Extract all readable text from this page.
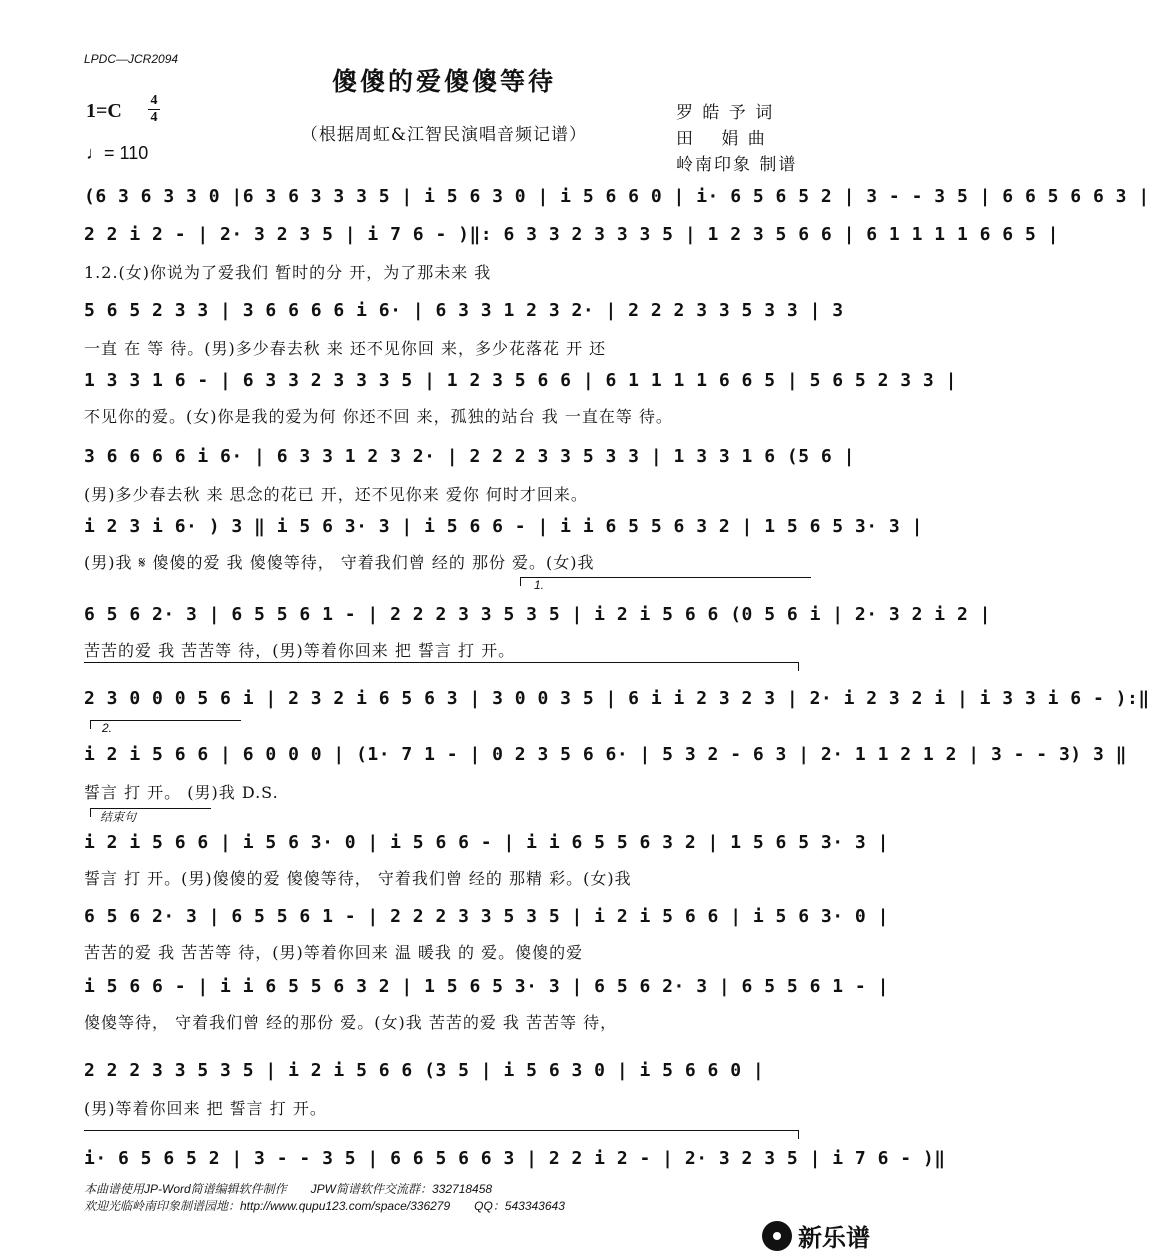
LPDC—JCR2094
傻傻的爱傻傻等待
（根据周虹&江智民演唱音频记谱）
1=C 4
4
♩= 110
罗 皓 予 词
田　 娟 曲
岭南印象 制谱
(6 3 6 3 3 0 |6 3 6 3 3 3 5 | i 5 6 3 0 | i 5 6 6 0 | i· 6 5 6 5 2 | 3 - - 3 5 | 6 6 5 6 6 3 |
2 2 i 2 - | 2· 3 2 3 5 | i 7 6 - )‖: 6 3 3 2 3 3 3 5 | 1 2 3 5 6 6 | 6 1 1 1 1 6 6 5 |
1.2.(女)你说为了爱我们 暂时的分 开，为了那未来 我
5 6 5 2 3 3 | 3 6 6 6 6 i 6· | 6 3 3 1 2 3 2· | 2 2 2 3 3 5 3 3 | 3
一直 在 等 待。(男)多少春去秋 来 还不见你回 来，多少花落花 开 还
1 3 3 1 6 - | 6 3 3 2 3 3 3 5 | 1 2 3 5 6 6 | 6 1 1 1 1 6 6 5 | 5 6 5 2 3 3 |
不见你的爱。(女)你是我的爱为何 你还不回 来，孤独的站台 我 一直在等 待。
3 6 6 6 6 i 6· | 6 3 3 1 2 3 2· | 2 2 2 3 3 5 3 3 | 1 3 3 1 6 (5 6 |
(男)多少春去秋 来 思念的花已 开，还不见你来 爱你 何时才回来。
i 2 3 i 6· ) 3 ‖ i 5 6 3· 3 | i 5 6 6 - | i i 6 5 5 6 3 2 | 1 5 6 5 3· 3 |
(男)我 𝄋 傻傻的爱 我 傻傻等待， 守着我们曾 经的 那份 爱。(女)我
1.
6 5 6 2· 3 | 6 5 5 6 1 - | 2 2 2 3 3 5 3 5 | i 2 i 5 6 6 (0 5 6 i | 2· 3 2 i 2 |
苦苦的爱 我 苦苦等 待，(男)等着你回来 把 誓言 打 开。
2 3 0 0 0 5 6 i | 2 3 2 i 6 5 6 3 | 3 0 0 3 5 | 6 i i 2 3 2 3 | 2· i 2 3 2 i | i 3 3 i 6 - ):‖
2.
i 2 i 5 6 6 | 6 0 0 0 | (1· 7 1 - | 0 2 3 5 6 6· | 5 3 2 - 6 3 | 2· 1 1 2 1 2 | 3 - - 3) 3 ‖
誓言 打 开。 (男)我 D.S.
结束句
i 2 i 5 6 6 | i 5 6 3· 0 | i 5 6 6 - | i i 6 5 5 6 3 2 | 1 5 6 5 3· 3 |
誓言 打 开。(男)傻傻的爱 傻傻等待， 守着我们曾 经的 那精 彩。(女)我
6 5 6 2· 3 | 6 5 5 6 1 - | 2 2 2 3 3 5 3 5 | i 2 i 5 6 6 | i 5 6 3· 0 |
苦苦的爱 我 苦苦等 待，(男)等着你回来 温 暖我 的 爱。傻傻的爱
i 5 6 6 - | i i 6 5 5 6 3 2 | 1 5 6 5 3· 3 | 6 5 6 2· 3 | 6 5 5 6 1 - |
傻傻等待， 守着我们曾 经的那份 爱。(女)我 苦苦的爱 我 苦苦等 待，
2 2 2 3 3 5 3 5 | i 2 i 5 6 6 (3 5 | i 5 6 3 0 | i 5 6 6 0 |
(男)等着你回来 把 誓言 打 开。
i· 6 5 6 5 2 | 3 - - 3 5 | 6 6 5 6 6 3 | 2 2 i 2 - | 2· 3 2 3 5 | i 7 6 - )‖
本曲谱使用JP-Word简谱编辑软件制作　　JPW简谱软件交流群：332718458
欢迎光临岭南印象制谱园地：http://www.qupu123.com/space/336279　　QQ：543343643
新乐谱
